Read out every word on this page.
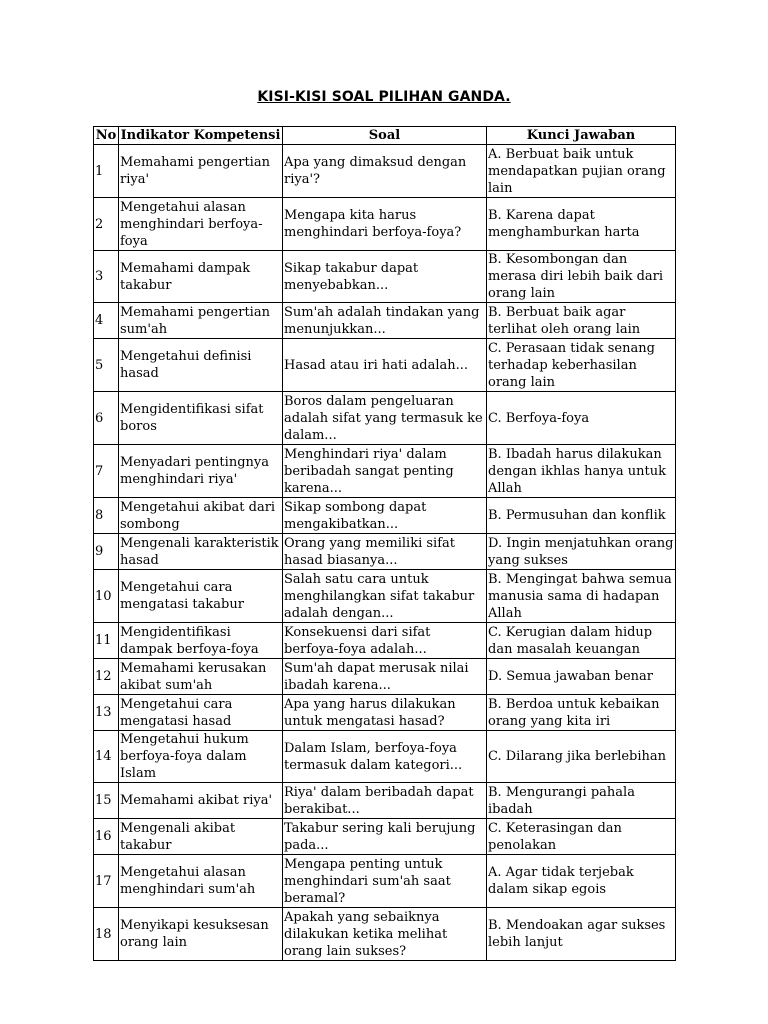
KISI-KISI SOAL PILIHAN GANDA.
No	Indikator Kompetensi	Soal	Kunci Jawaban
1	Memahami pengertian riya'	Apa yang dimaksud dengan riya'?	A. Berbuat baik untuk mendapatkan pujian orang lain
2	Mengetahui alasan menghindari berfoya-foya	Mengapa kita harus menghindari berfoya-foya?	B. Karena dapat menghamburkan harta
3	Memahami dampak takabur	Sikap takabur dapat menyebabkan...	B. Kesombongan dan merasa diri lebih baik dari orang lain
4	Memahami pengertian sum'ah	Sum'ah adalah tindakan yang menunjukkan...	B. Berbuat baik agar terlihat oleh orang lain
5	Mengetahui definisi hasad	Hasad atau iri hati adalah...	C. Perasaan tidak senang terhadap keberhasilan orang lain
6	Mengidentifikasi sifat boros	Boros dalam pengeluaran adalah sifat yang termasuk ke dalam...	C. Berfoya-foya
7	Menyadari pentingnya menghindari riya'	Menghindari riya' dalam beribadah sangat penting karena...	B. Ibadah harus dilakukan dengan ikhlas hanya untuk Allah
8	Mengetahui akibat dari sombong	Sikap sombong dapat mengakibatkan...	B. Permusuhan dan konflik
9	Mengenali karakteristik hasad	Orang yang memiliki sifat hasad biasanya...	D. Ingin menjatuhkan orang yang sukses
10	Mengetahui cara mengatasi takabur	Salah satu cara untuk menghilangkan sifat takabur adalah dengan...	B. Mengingat bahwa semua manusia sama di hadapan Allah
11	Mengidentifikasi dampak berfoya-foya	Konsekuensi dari sifat berfoya-foya adalah...	C. Kerugian dalam hidup dan masalah keuangan
12	Memahami kerusakan akibat sum'ah	Sum'ah dapat merusak nilai ibadah karena...	D. Semua jawaban benar
13	Mengetahui cara mengatasi hasad	Apa yang harus dilakukan untuk mengatasi hasad?	B. Berdoa untuk kebaikan orang yang kita iri
14	Mengetahui hukum berfoya-foya dalam Islam	Dalam Islam, berfoya-foya termasuk dalam kategori...	C. Dilarang jika berlebihan
15	Memahami akibat riya'	Riya' dalam beribadah dapat berakibat...	B. Mengurangi pahala ibadah
16	Mengenali akibat takabur	Takabur sering kali berujung pada...	C. Keterasingan dan penolakan
17	Mengetahui alasan menghindari sum'ah	Mengapa penting untuk menghindari sum'ah saat beramal?	A. Agar tidak terjebak dalam sikap egois
18	Menyikapi kesuksesan orang lain	Apakah yang sebaiknya dilakukan ketika melihat orang lain sukses?	B. Mendoakan agar sukses lebih lanjut
